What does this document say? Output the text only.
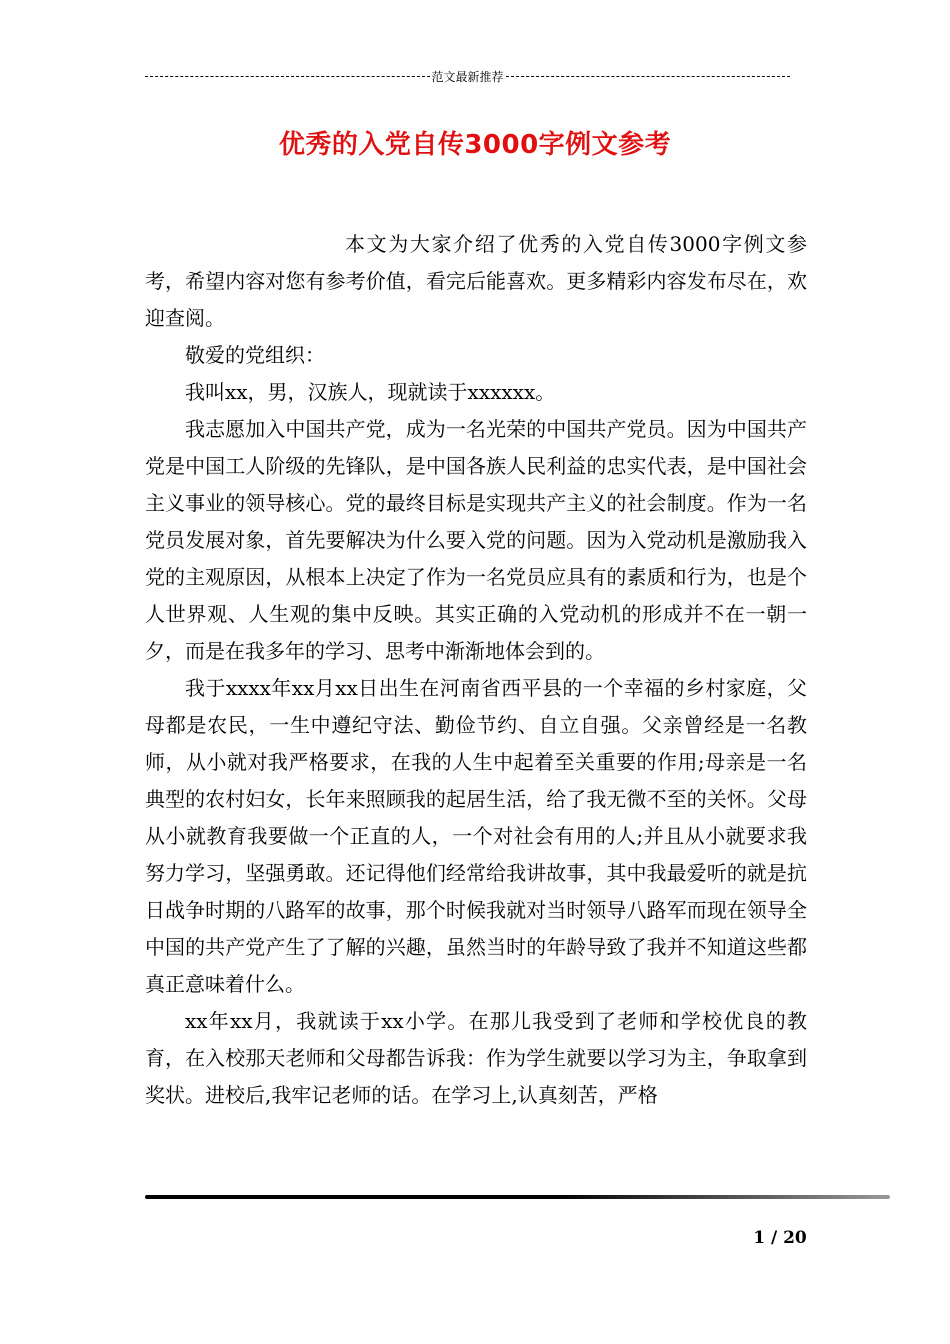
范文最新推荐
优秀的入党自传3000字例文参考

本文为大家介绍了优秀的入党自传3000字例文参考，希望内容对您有参考价值，看完后能喜欢。更多精彩内容发布尽在，欢迎查阅。

敬爱的党组织：

我叫xx，男，汉族人，现就读于xxxxxx。

我志愿加入中国共产党，成为一名光荣的中国共产党员。因为中国共产党是中国工人阶级的先锋队，是中国各族人民利益的忠实代表，是中国社会主义事业的领导核心。党的最终目标是实现共产主义的社会制度。作为一名党员发展对象，首先要解决为什么要入党的问题。因为入党动机是激励我入党的主观原因，从根本上决定了作为一名党员应具有的素质和行为，也是个人世界观、人生观的集中反映。其实正确的入党动机的形成并不在一朝一夕，而是在我多年的学习、思考中渐渐地体会到的。

我于xxxx年xx月xx日出生在河南省西平县的一个幸福的乡村家庭，父母都是农民，一生中遵纪守法、勤俭节约、自立自强。父亲曾经是一名教师，从小就对我严格要求，在我的人生中起着至关重要的作用;母亲是一名典型的农村妇女，长年来照顾我的起居生活，给了我无微不至的关怀。父母从小就教育我要做一个正直的人，一个对社会有用的人;并且从小就要求我努力学习，坚强勇敢。还记得他们经常给我讲故事，其中我最爱听的就是抗日战争时期的八路军的故事，那个时候我就对当时领导八路军而现在领导全中国的共产党产生了了解的兴趣，虽然当时的年龄导致了我并不知道这些都真正意味着什么。

xx年xx月，我就读于xx小学。在那儿我受到了老师和学校优良的教育，在入校那天老师和父母都告诉我：作为学生就要以学习为主，争取拿到奖状。进校后,我牢记老师的话。在学习上,认真刻苦，严格

1 / 20
